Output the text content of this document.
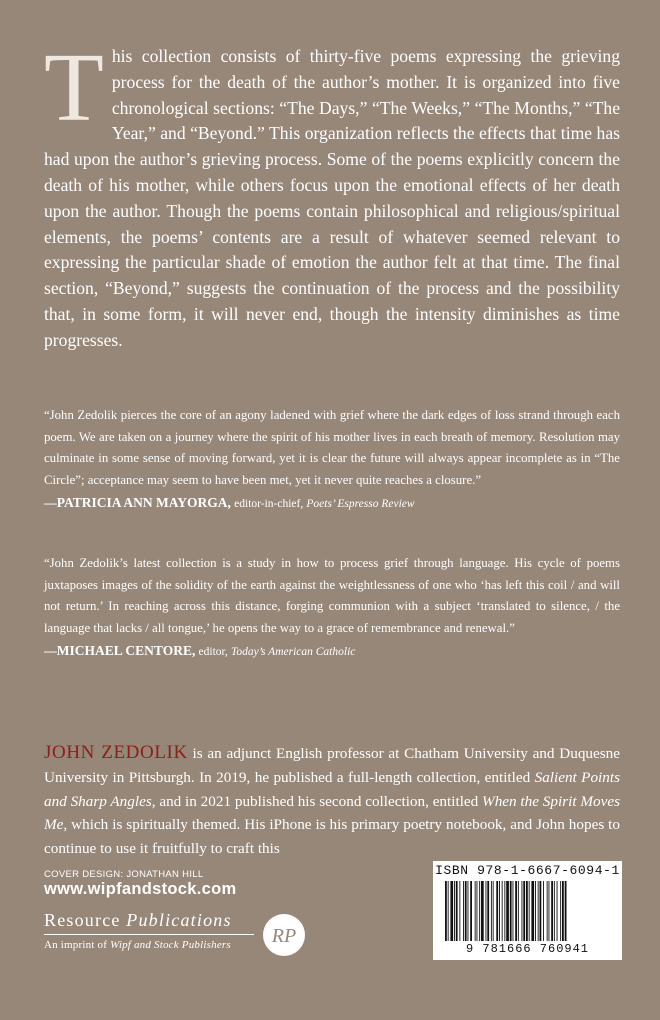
This collection consists of thirty-five poems expressing the grieving process for the death of the author’s mother. It is organized into five chronological sections: “The Days,” “The Weeks,” “The Months,” “The Year,” and “Beyond.” This organization reflects the effects that time has had upon the author’s grieving process. Some of the poems explicitly concern the death of his mother, while others focus upon the emotional effects of her death upon the author. Though the poems contain philosophical and religious/spiritual elements, the poems’ contents are a result of whatever seemed relevant to expressing the particular shade of emotion the author felt at that time. The final section, “Beyond,” suggests the continuation of the process and the possibility that, in some form, it will never end, though the intensity diminishes as time progresses.

“John Zedolik pierces the core of an agony ladened with grief where the dark edges of loss strand through each poem. We are taken on a journey where the spirit of his mother lives in each breath of memory. Resolution may culminate in some sense of moving forward, yet it is clear the future will always appear incomplete as in “The Circle”; acceptance may seem to have been met, yet it never quite reaches a closure.”
—PATRICIA ANN MAYORGA, editor-in-chief, Poets’ Espresso Review
“John Zedolik’s latest collection is a study in how to process grief through language. His cycle of poems juxtaposes images of the solidity of the earth against the weightlessness of one who ‘has left this coil / and will not return.’ In reaching across this distance, forging communion with a subject ‘translated to silence, / the language that lacks / all tongue,’ he opens the way to a grace of remembrance and renewal.”
—MICHAEL CENTORE, editor, Today’s American Catholic

JOHN ZEDOLIK is an adjunct English professor at Chatham University and Duquesne University in Pittsburgh. In 2019, he published a full-length collection, entitled Salient Points and Sharp Angles, and in 2021 published his second collection, entitled When the Spirit Moves Me, which is spiritually themed. His iPhone is his primary poetry notebook, and John hopes to continue to use it fruitfully to craft this

COVER DESIGN: JONATHAN HILL
www.wipfandstock.com
Resource Publications
An imprint of Wipf and Stock Publishers RP
ISBN 978-1-6667-6094-1
9 781666 760941
